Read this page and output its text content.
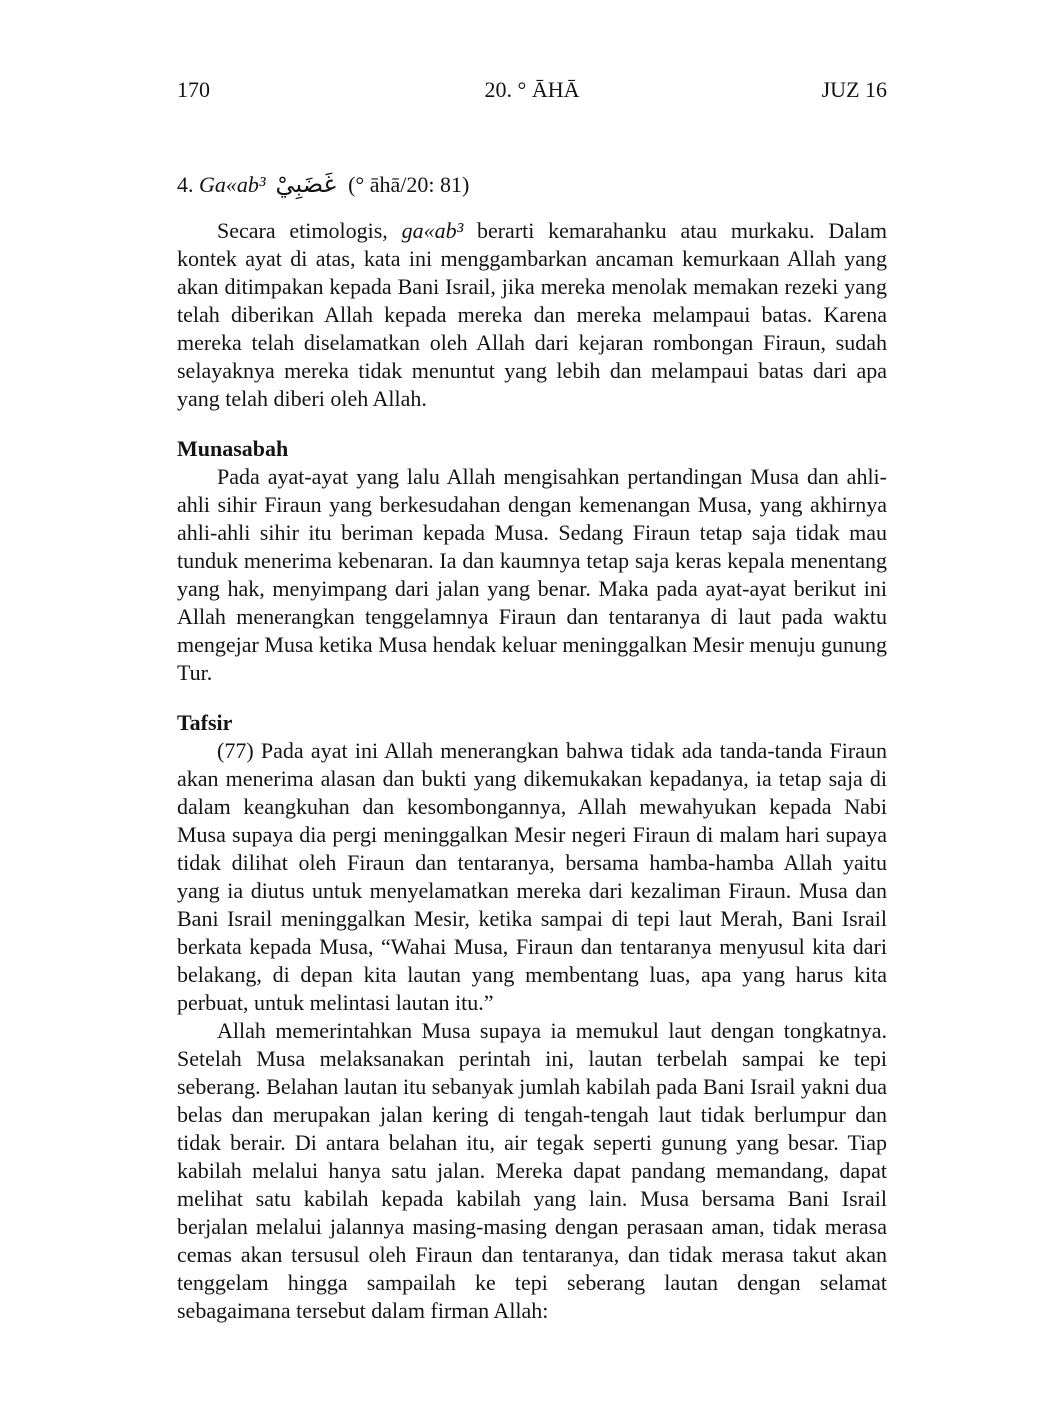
170	20. ° ĀHĀ	JUZ 16
4. Ga«ab³ غَضَبِيْ (° āhā/20: 81)

Secara etimologis, ga«ab³ berarti kemarahanku atau murkaku. Dalam kontek ayat di atas, kata ini menggambarkan ancaman kemurkaan Allah yang akan ditimpakan kepada Bani Israil, jika mereka menolak memakan rezeki yang telah diberikan Allah kepada mereka dan mereka melampaui batas. Karena mereka telah diselamatkan oleh Allah dari kejaran rombongan Firaun, sudah selayaknya mereka tidak menuntut yang lebih dan melampaui batas dari apa yang telah diberi oleh Allah.

Munasabah

Pada ayat-ayat yang lalu Allah mengisahkan pertandingan Musa dan ahli-ahli sihir Firaun yang berkesudahan dengan kemenangan Musa, yang akhirnya ahli-ahli sihir itu beriman kepada Musa. Sedang Firaun tetap saja tidak mau tunduk menerima kebenaran. Ia dan kaumnya tetap saja keras kepala menentang yang hak, menyimpang dari jalan yang benar. Maka pada ayat-ayat berikut ini Allah menerangkan tenggelamnya Firaun dan tentaranya di laut pada waktu mengejar Musa ketika Musa hendak keluar meninggalkan Mesir menuju gunung Tur.

Tafsir

(77) Pada ayat ini Allah menerangkan bahwa tidak ada tanda-tanda Firaun akan menerima alasan dan bukti yang dikemukakan kepadanya, ia tetap saja di dalam keangkuhan dan kesombongannya, Allah mewahyukan kepada Nabi Musa supaya dia pergi meninggalkan Mesir negeri Firaun di malam hari supaya tidak dilihat oleh Firaun dan tentaranya, bersama hamba-hamba Allah yaitu yang ia diutus untuk menyelamatkan mereka dari kezaliman Firaun. Musa dan Bani Israil meninggalkan Mesir, ketika sampai di tepi laut Merah, Bani Israil berkata kepada Musa, “Wahai Musa, Firaun dan tentaranya menyusul kita dari belakang, di depan kita lautan yang membentang luas, apa yang harus kita perbuat, untuk melintasi lautan itu.”

Allah memerintahkan Musa supaya ia memukul laut dengan tongkatnya. Setelah Musa melaksanakan perintah ini, lautan terbelah sampai ke tepi seberang. Belahan lautan itu sebanyak jumlah kabilah pada Bani Israil yakni dua belas dan merupakan jalan kering di tengah-tengah laut tidak berlumpur dan tidak berair. Di antara belahan itu, air tegak seperti gunung yang besar. Tiap kabilah melalui hanya satu jalan. Mereka dapat pandang memandang, dapat melihat satu kabilah kepada kabilah yang lain. Musa bersama Bani Israil berjalan melalui jalannya masing-masing dengan perasaan aman, tidak merasa cemas akan tersusul oleh Firaun dan tentaranya, dan tidak merasa takut akan tenggelam hingga sampailah ke tepi seberang lautan dengan selamat sebagaimana tersebut dalam firman Allah:
